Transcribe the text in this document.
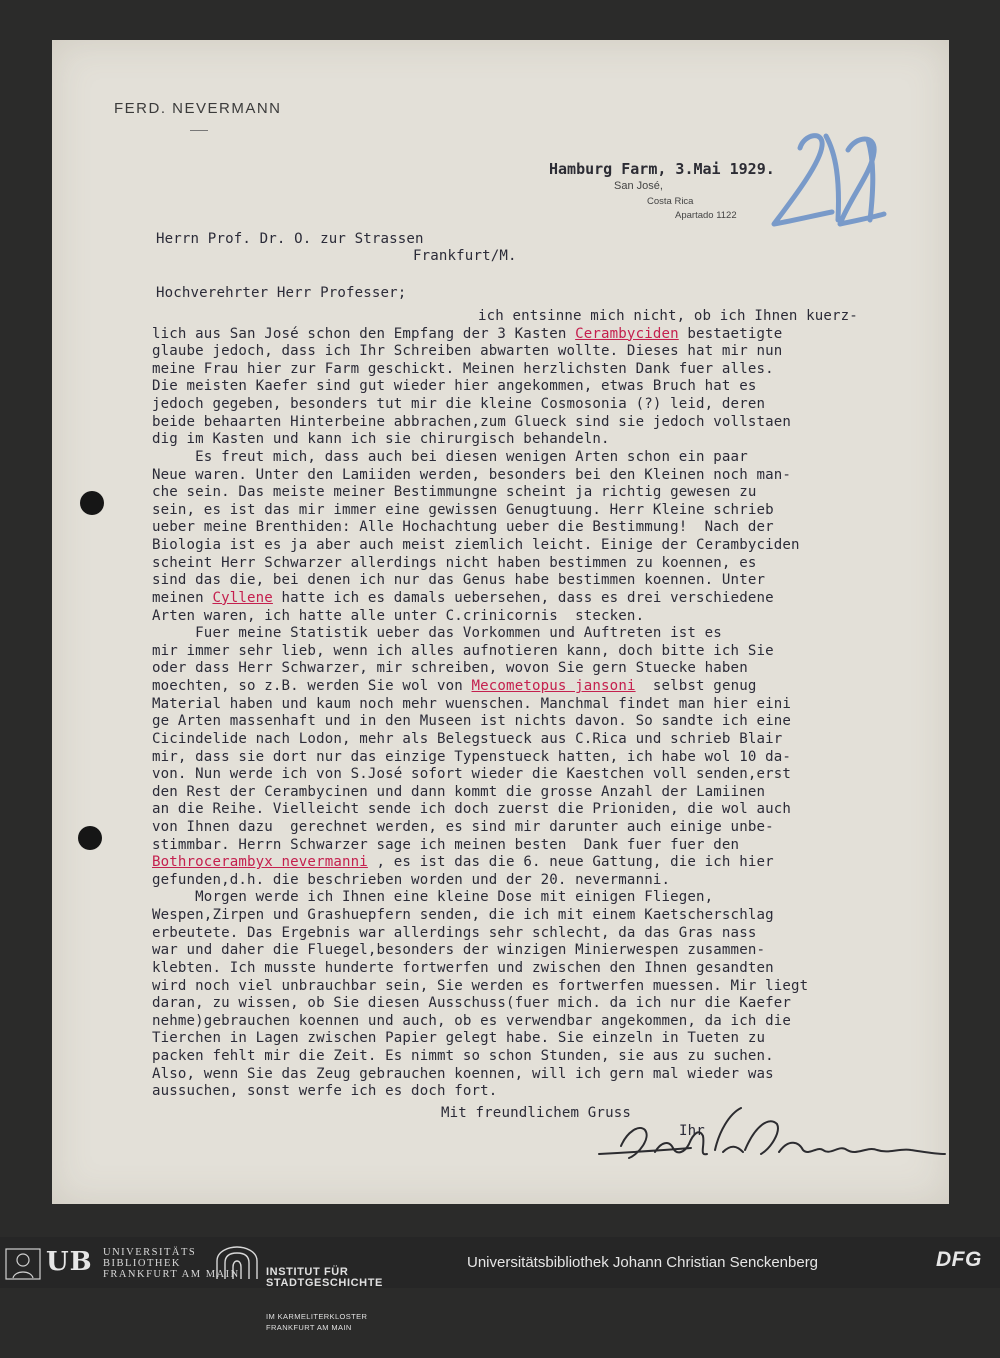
FERD. NEVERMANN
Hamburg Farm, 3.Mai 1929.
San José,
Costa Rica
Apartado 1122
Herrn Prof. Dr. O. zur Strassen
Frankfurt/M.
Hochverehrter Herr Professer;
ich entsinne mich nicht, ob ich Ihnen kuerz-
lich aus San José schon den Empfang der 3 Kasten Cerambyciden bestaetigte
glaube jedoch, dass ich Ihr Schreiben abwarten wollte. Dieses hat mir nun
meine Frau hier zur Farm geschickt. Meinen herzlichsten Dank fuer alles.
Die meisten Kaefer sind gut wieder hier angekommen, etwas Bruch hat es
jedoch gegeben, besonders tut mir die kleine Cosmosonia (?) leid, deren
beide behaarten Hinterbeine abbrachen,zum Glueck sind sie jedoch vollstaen
dig im Kasten und kann ich sie chirurgisch behandeln.
Es freut mich, dass auch bei diesen wenigen Arten schon ein paar
Neue waren. Unter den Lamiiden werden, besonders bei den Kleinen noch man-
che sein. Das meiste meiner Bestimmungne scheint ja richtig gewesen zu
sein, es ist das mir immer eine gewissen Genugtuung. Herr Kleine schrieb
ueber meine Brenthiden: Alle Hochachtung ueber die Bestimmung!  Nach der
Biologia ist es ja aber auch meist ziemlich leicht. Einige der Cerambyciden
scheint Herr Schwarzer allerdings nicht haben bestimmen zu koennen, es
sind das die, bei denen ich nur das Genus habe bestimmen koennen. Unter
meinen Cyllene hatte ich es damals uebersehen, dass es drei verschiedene
Arten waren, ich hatte alle unter C.crinicornis  stecken.
Fuer meine Statistik ueber das Vorkommen und Auftreten ist es
mir immer sehr lieb, wenn ich alles aufnotieren kann, doch bitte ich Sie
oder dass Herr Schwarzer, mir schreiben, wovon Sie gern Stuecke haben
moechten, so z.B. werden Sie wol von Mecometopus jansoni  selbst genug
Material haben und kaum noch mehr wuenschen. Manchmal findet man hier eini
ge Arten massenhaft und in den Museen ist nichts davon. So sandte ich eine
Cicindelide nach Lodon, mehr als Belegstueck aus C.Rica und schrieb Blair
mir, dass sie dort nur das einzige Typenstueck hatten, ich habe wol 10 da-
von. Nun werde ich von S.José sofort wieder die Kaestchen voll senden,erst
den Rest der Cerambycinen und dann kommt die grosse Anzahl der Lamiinen
an die Reihe. Vielleicht sende ich doch zuerst die Prioniden, die wol auch
von Ihnen dazu  gerechnet werden, es sind mir darunter auch einige unbe-
stimmbar. Herrn Schwarzer sage ich meinen besten  Dank fuer fuer den
Bothrocerambyx nevermanni , es ist das die 6. neue Gattung, die ich hier
gefunden,d.h. die beschrieben worden und der 20. nevermanni.
Morgen werde ich Ihnen eine kleine Dose mit einigen Fliegen,
Wespen,Zirpen und Grashuepfern senden, die ich mit einem Kaetscherschlag
erbeutete. Das Ergebnis war allerdings sehr schlecht, da das Gras nass
war und daher die Fluegel,besonders der winzigen Minierwespen zusammen-
klebten. Ich musste hunderte fortwerfen und zwischen den Ihnen gesandten
wird noch viel unbrauchbar sein, Sie werden es fortwerfen muessen. Mir liegt
daran, zu wissen, ob Sie diesen Ausschuss(fuer mich. da ich nur die Kaefer
nehme)gebrauchen koennen und auch, ob es verwendbar angekommen, da ich die
Tierchen in Lagen zwischen Papier gelegt habe. Sie einzeln in Tueten zu
packen fehlt mir die Zeit. Es nimmt so schon Stunden, sie aus zu suchen.
Also, wenn Sie das Zeug gebrauchen koennen, will ich gern mal wieder was
aussuchen, sonst werfe ich es doch fort.
Mit freundlichem Gruss
Ihr
UB UNIVERSITÄTS
BIBLIOTHEK
FRANKFURT AM MAIN

INSTITUT FÜR
STADTGESCHICHTE

IM KARMELITERKLOSTER
FRANKFURT AM MAIN

Universitätsbibliothek Johann Christian Senckenberg	DFG
